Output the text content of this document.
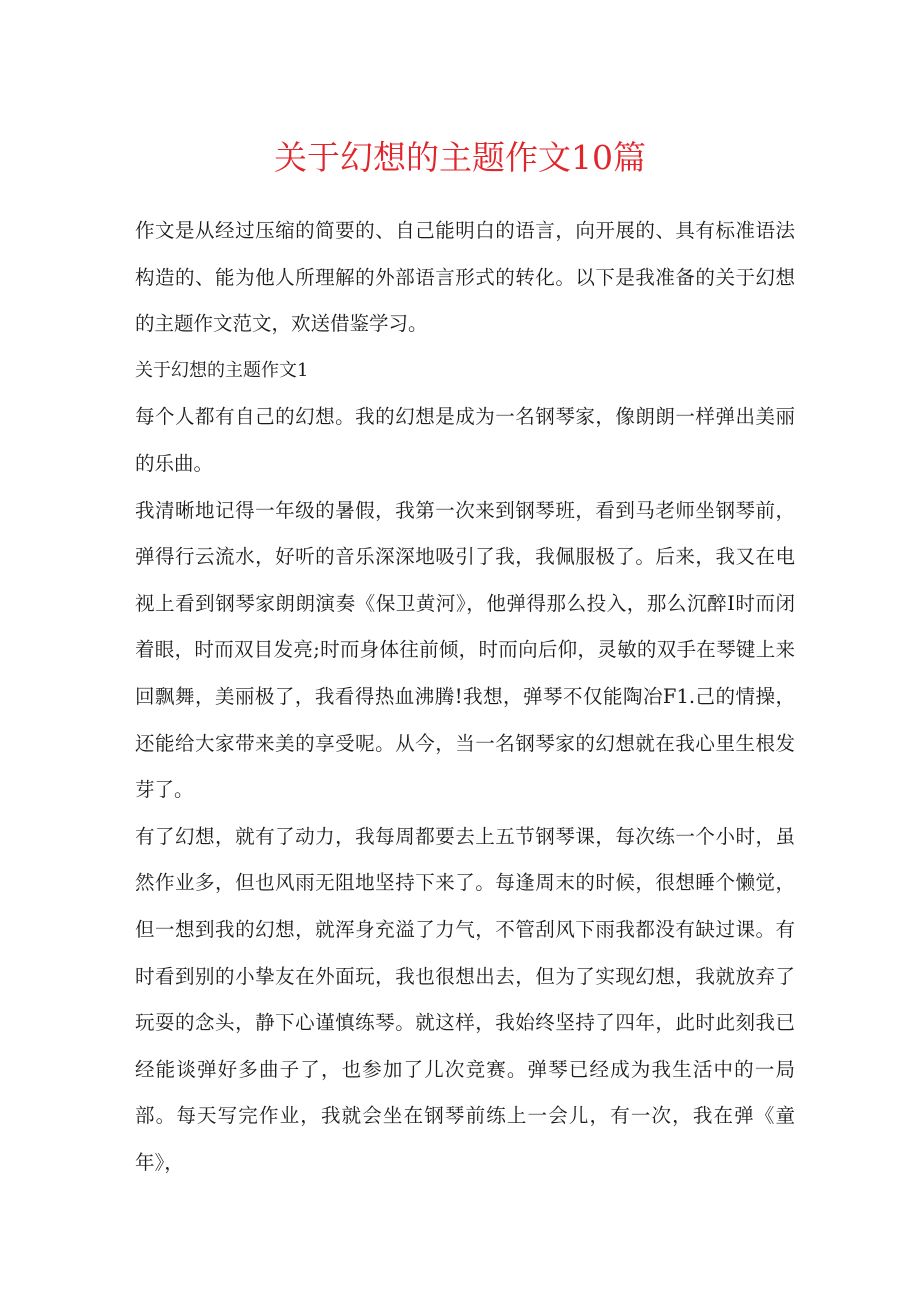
关于幻想的主题作文10篇

作文是从经过压缩的简要的、自己能明白的语言，向开展的、具有标准语法构造的、能为他人所理解的外部语言形式的转化。以下是我准备的关于幻想的主题作文范文，欢送借鉴学习。

关于幻想的主题作文1

每个人都有自己的幻想。我的幻想是成为一名钢琴家，像朗朗一样弹出美丽的乐曲。

我清晰地记得一年级的暑假，我第一次来到钢琴班，看到马老师坐钢琴前，弹得行云流水，好听的音乐深深地吸引了我，我佩服极了。后来，我又在电视上看到钢琴家朗朗演奏《保卫黄河》，他弹得那么投入，那么沉醉I时而闭着眼，时而双目发亮;时而身体往前倾，时而向后仰，灵敏的双手在琴键上来回飘舞，美丽极了，我看得热血沸腾!我想，弹琴不仅能陶冶F1.己的情操，还能给大家带来美的享受呢。从今，当一名钢琴家的幻想就在我心里生根发芽了。

有了幻想，就有了动力，我每周都要去上五节钢琴课，每次练一个小时，虽然作业多，但也风雨无阻地坚持下来了。每逢周末的时候，很想睡个懒觉，但一想到我的幻想，就浑身充溢了力气，不管刮风下雨我都没有缺过课。有时看到别的小挚友在外面玩，我也很想出去，但为了实现幻想，我就放弃了玩耍的念头，静下心谨慎练琴。就这样，我始终坚持了四年，此时此刻我已经能谈弹好多曲子了，也参加了儿次竞赛。弹琴已经成为我生活中的一局部。每天写完作业，我就会坐在钢琴前练上一会儿，有一次，我在弹《童年》，
